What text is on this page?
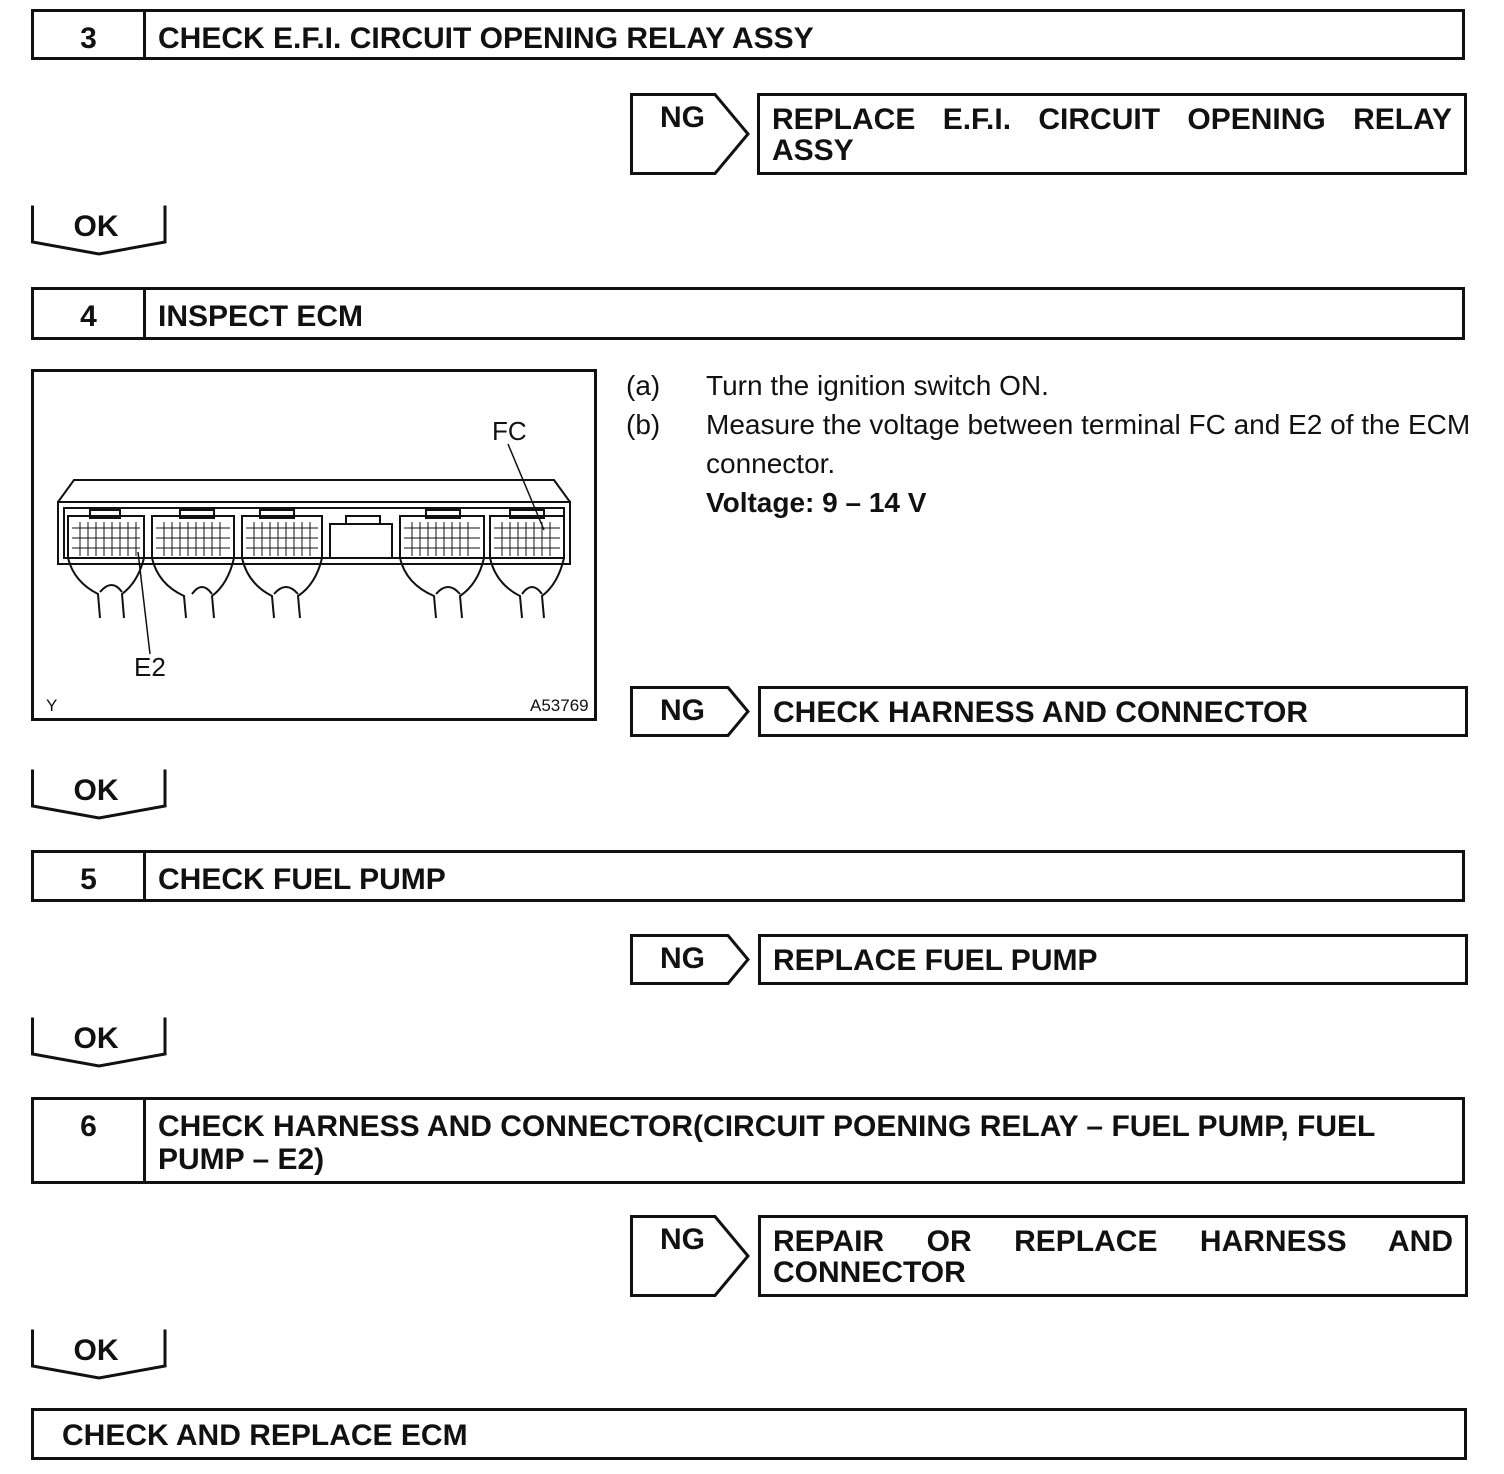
3	CHECK E.F.I. CIRCUIT OPENING RELAY ASSY
NG	REPLACE E.F.I. CIRCUIT OPENING RELAY ASSY
OK
4	INSPECT ECM
FC
E2
Y	A53769
(a)	Turn the ignition switch ON.
(b)	Measure the voltage between terminal FC and E2 of the ECM connector.
Voltage: 9 – 14 V
NG	CHECK HARNESS AND CONNECTOR
OK
5	CHECK FUEL PUMP
NG	REPLACE FUEL PUMP
OK
6	CHECK HARNESS AND CONNECTOR(CIRCUIT POENING RELAY – FUEL PUMP, FUEL PUMP – E2)
NG	REPAIR OR REPLACE HARNESS AND CONNECTOR
OK
CHECK AND REPLACE ECM
